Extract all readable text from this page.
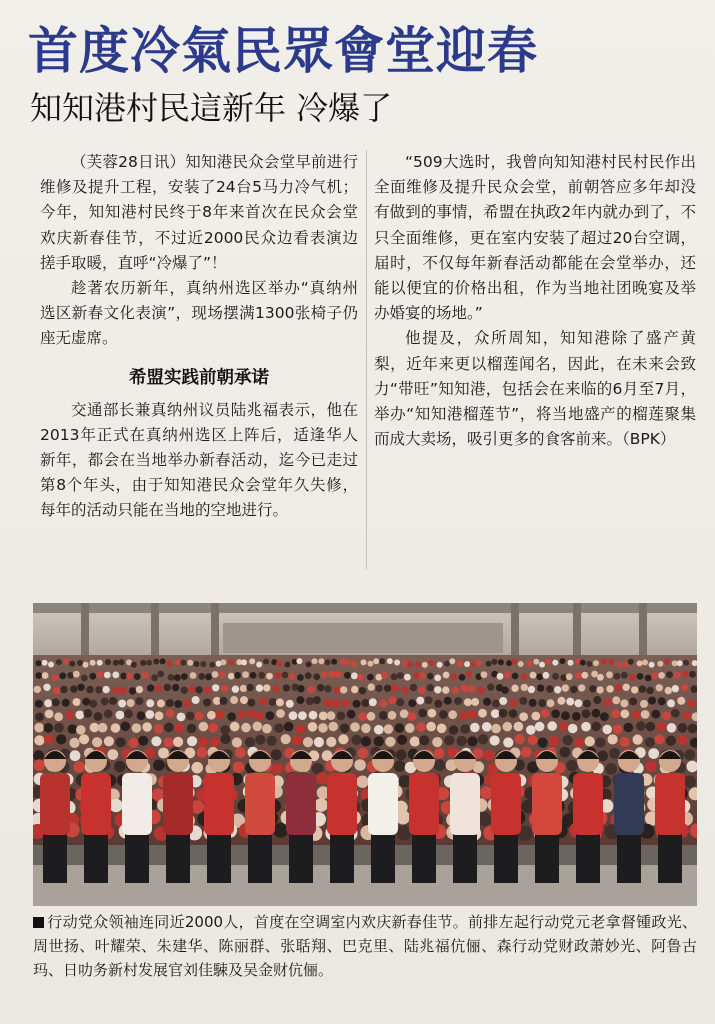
首度冷氣民眾會堂迎春
知知港村民這新年 冷爆了

（芙蓉28日讯）知知港民众会堂早前进行维修及提升工程，安装了24台5马力冷气机；今年，知知港村民终于8年来首次在民众会堂欢庆新春佳节，不过近2000民众边看表演边搓手取暖，直呼“冷爆了”！

趁著农历新年，真纳州选区举办“真纳州选区新春文化表演”，现场摆满1300张椅子仍座无虚席。

希盟实践前朝承诺

交通部长兼真纳州议员陆兆福表示，他在2013年正式在真纳州选区上阵后，适逢华人新年，都会在当地举办新春活动，迄今已走过第8个年头，由于知知港民众会堂年久失修，每年的活动只能在当地的空地进行。

“509大选时，我曾向知知港村民村民作出全面维修及提升民众会堂，前朝答应多年却没有做到的事情，希盟在执政2年内就办到了，不只全面维修，更在室内安装了超过20台空调，届时，不仅每年新春活动都能在会堂举办，还能以便宜的价格出租，作为当地社团晚宴及举办婚宴的场地。”

他提及，众所周知，知知港除了盛产黄梨，近年来更以榴莲闻名，因此，在未来会致力“带旺”知知港，包括会在来临的6月至7月，举办“知知港榴莲节”，将当地盛产的榴莲聚集而成大卖场，吸引更多的食客前来。（BPK）

行动党众领袖连同近2000人，首度在空调室内欢庆新春佳节。前排左起行动党元老拿督锺政光、周世扬、叶耀荣、朱建华、陈丽群、张聒翔、巴克里、陆兆福伉俪、森行动党财政萧妙光、阿鲁古玛、日叻务新村发展官刘佳駷及吴金财伉俪。
